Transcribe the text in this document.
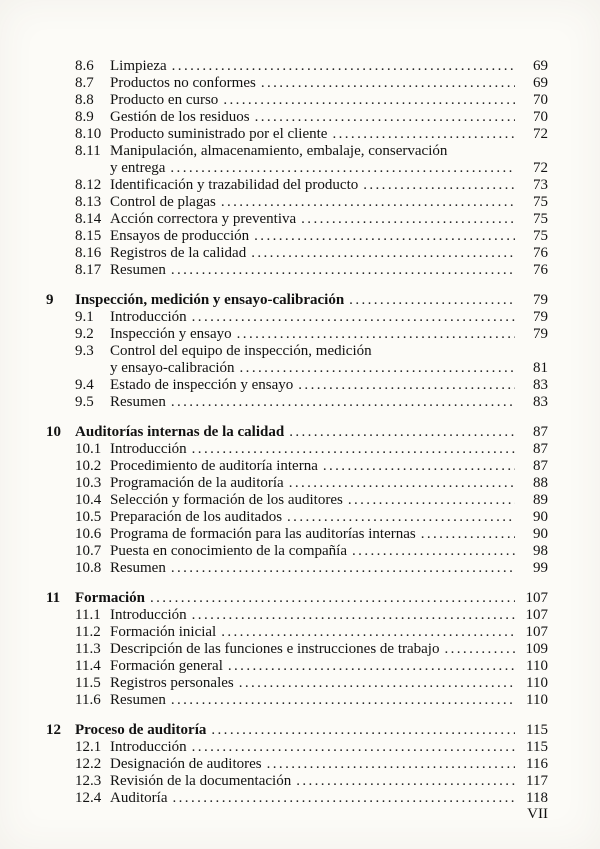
8.6	Limpieza .....	69
8.7	Productos no conformes .....	69
8.8	Producto en curso .....	70
8.9	Gestión de los residuos .....	70
8.10 Producto suministrado por el cliente .....	72
8.11 Manipulación, almacenamiento, embalaje, conservación
y entrega .....	72
8.12 Identificación y trazabilidad del producto .....	73
8.13 Control de plagas .....	75
8.14 Acción correctora y preventiva .....	75
8.15 Ensayos de producción .....	75
8.16 Registros de la calidad .....	76
8.17 Resumen .....	76
9	Inspección, medición y ensayo-calibración .....	79
9.1	Introducción .....	79
9.2	Inspección y ensayo .....	79
9.3	Control del equipo de inspección, medición
y ensayo-calibración .....	81
9.4	Estado de inspección y ensayo .....	83
9.5	Resumen .....	83
10 Auditorías internas de la calidad .....	87
10.1 Introducción .....	87
10.2 Procedimiento de auditoría interna .....	87
10.3 Programación de la auditoría .....	88
10.4 Selección y formación de los auditores .....	89
10.5 Preparación de los auditados .....	90
10.6 Programa de formación para las auditorías internas .....	90
10.7 Puesta en conocimiento de la compañía .....	98
10.8 Resumen .....	99
11 Formación .....	107
11.1 Introducción .....	107
11.2 Formación inicial .....	107
11.3 Descripción de las funciones e instrucciones de trabajo .....	109
11.4 Formación general .....	110
11.5 Registros personales .....	110
11.6 Resumen .....	110
12 Proceso de auditoría .....	115
12.1 Introducción .....	115
12.2 Designación de auditores .....	116
12.3 Revisión de la documentación .....	117
12.4 Auditoría .....	118
VII
